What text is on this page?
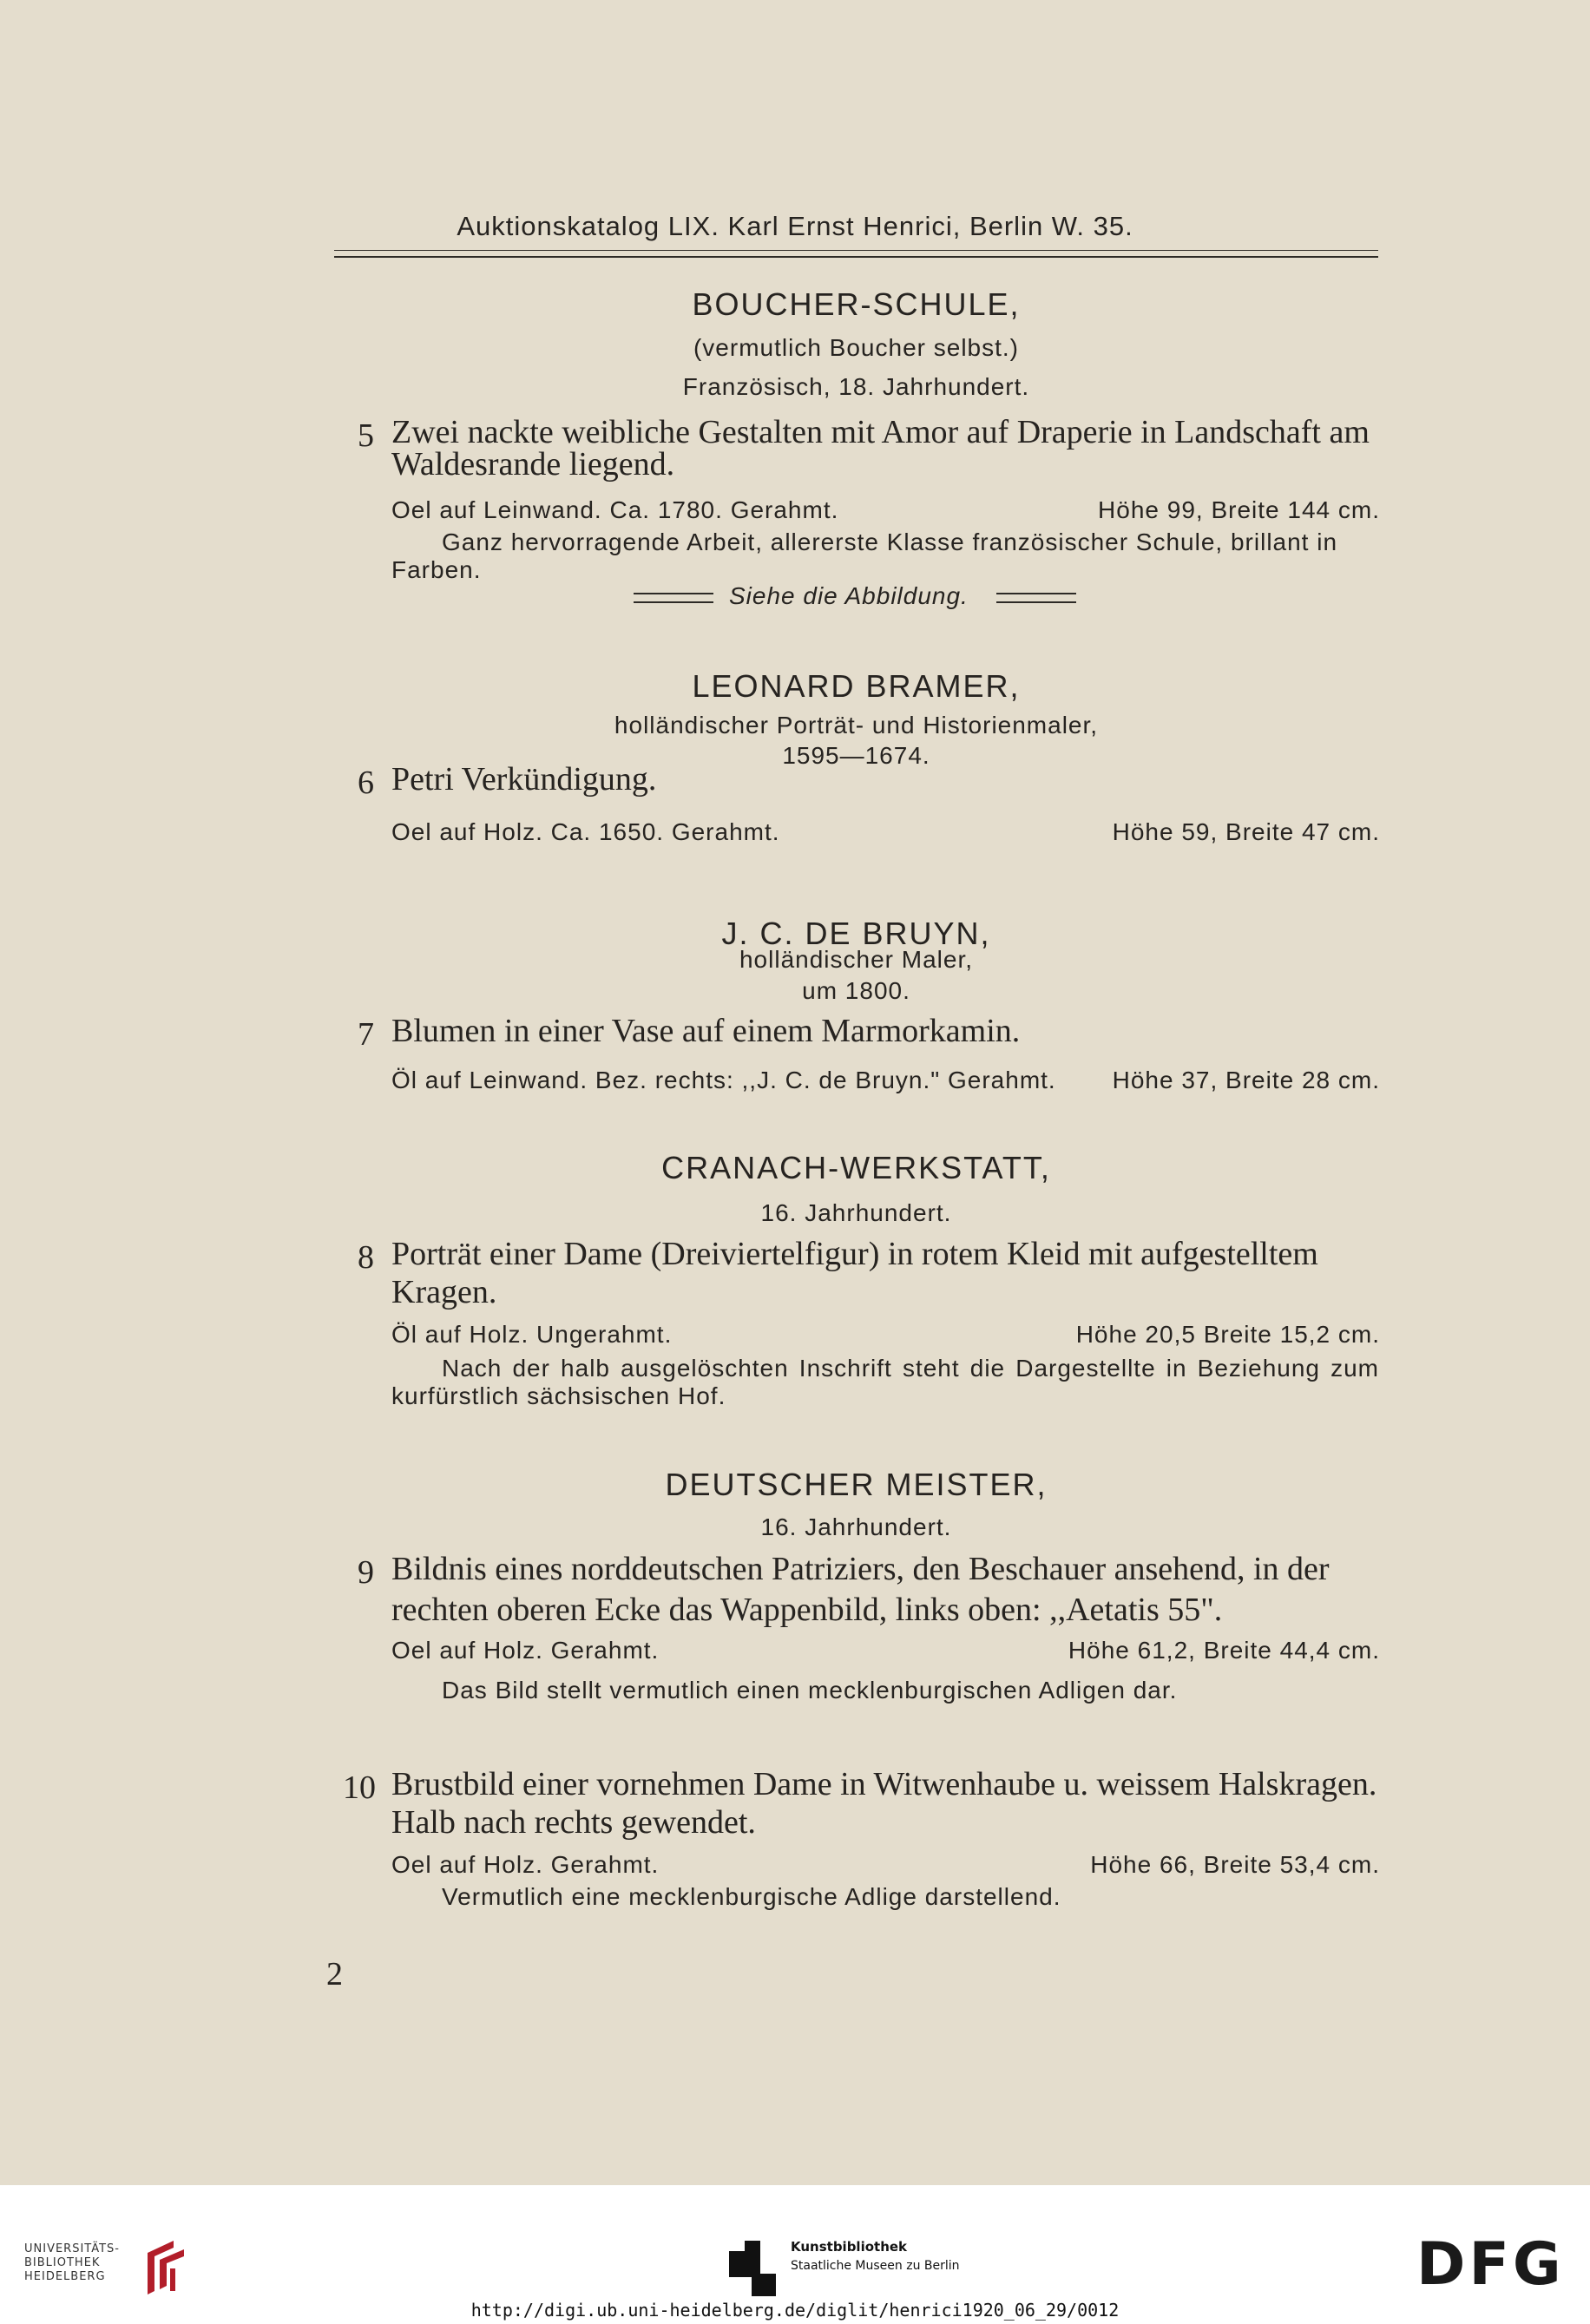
Auktionskatalog LIX. Karl Ernst Henrici, Berlin W. 35.
BOUCHER-SCHULE,
(vermutlich Boucher selbst.)
Französisch, 18. Jahrhundert.
5 Zwei nackte weibliche Gestalten mit Amor auf Draperie in Landschaft am
Waldesrande liegend.
Oel auf Leinwand. Ca. 1780. Gerahmt.	Höhe 99, Breite 144 cm.
Ganz hervorragende Arbeit, allererste Klasse französischer Schule, brillant in Farben.
Siehe die Abbildung.
LEONARD BRAMER,
holländischer Porträt- und Historienmaler,
1595—1674.
6 Petri Verkündigung.
Oel auf Holz. Ca. 1650. Gerahmt.	Höhe 59, Breite 47 cm.
J. C. DE BRUYN,
holländischer Maler,
um 1800.
7 Blumen in einer Vase auf einem Marmorkamin.
Öl auf Leinwand. Bez. rechts: ,,J. C. de Bruyn." Gerahmt.	Höhe 37, Breite 28 cm.
CRANACH-WERKSTATT,
16. Jahrhundert.
8 Porträt einer Dame (Dreiviertelfigur) in rotem Kleid mit aufgestelltem
Kragen.
Öl auf Holz. Ungerahmt.	Höhe 20,5 Breite 15,2 cm.
Nach der halb ausgelöschten Inschrift steht die Dargestellte in Beziehung zum kurfürstlich sächsischen Hof.
DEUTSCHER MEISTER,
16. Jahrhundert.
9 Bildnis eines norddeutschen Patriziers, den Beschauer ansehend, in der
rechten oberen Ecke das Wappenbild, links oben: ,,Aetatis 55".
Oel auf Holz. Gerahmt.	Höhe 61,2, Breite 44,4 cm.
Das Bild stellt vermutlich einen mecklenburgischen Adligen dar.
10 Brustbild einer vornehmen Dame in Witwenhaube u. weissem Halskragen.
Halb nach rechts gewendet.
Oel auf Holz. Gerahmt.	Höhe 66, Breite 53,4 cm.
Vermutlich eine mecklenburgische Adlige darstellend.
2
UNIVERSITÄTS-
BIBLIOTHEK
HEIDELBERG
Kunstbibliothek
Staatliche Museen zu Berlin	DFG
http://digi.ub.uni-heidelberg.de/diglit/henrici1920_06_29/0012
